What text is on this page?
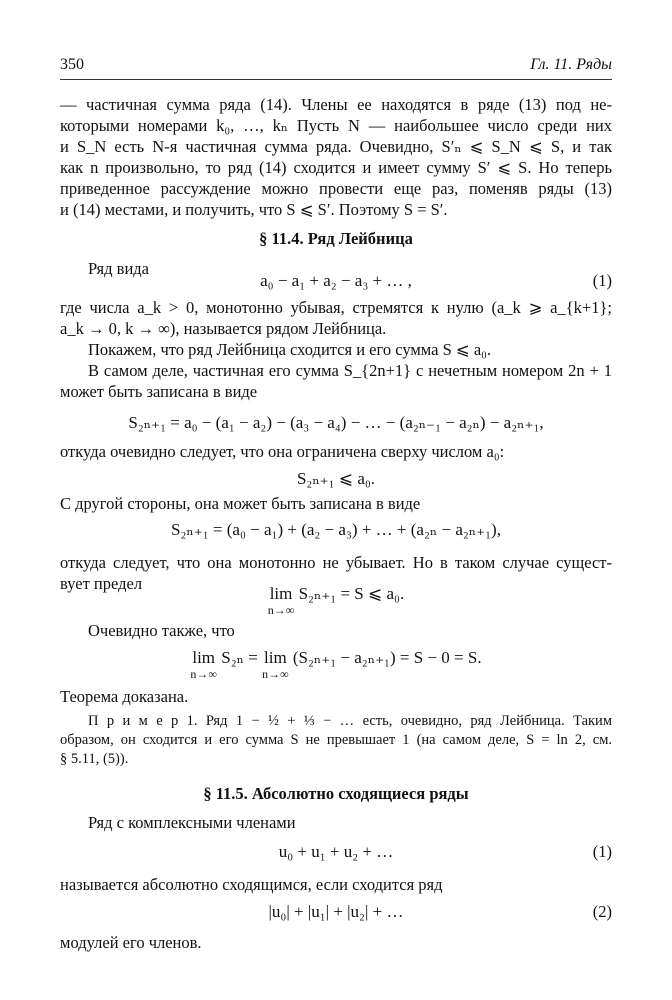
350	Гл. 11. Ряды
— частичная сумма ряда (14). Члены ее находятся в ряде (13) под не-
которыми номерами k₀, …, kₙ Пусть N — наибольшее число среди них
и S_N есть N-я частичная сумма ряда. Очевидно, S′ₙ ⩽ S_N ⩽ S, и так
как n произвольно, то ряд (14) сходится и имеет сумму S′ ⩽ S. Но теперь
приведенное рассуждение можно провести еще раз, поменяв ряды (13)
и (14) местами, и получить, что S ⩽ S′. Поэтому S = S′.
§ 11.4. Ряд Лейбница
Ряд вида
a₀ − a₁ + a₂ − a₃ + … ,	(1)
где числа a_k > 0, монотонно убывая, стремятся к нулю (a_k ⩾ a_{k+1};
a_k → 0, k → ∞), называется рядом Лейбница.
Покажем, что ряд Лейбница сходится и его сумма S ⩽ a₀.
В самом деле, частичная его сумма S_{2n+1} с нечетным номером 2n + 1
может быть записана в виде
S₂ₙ₊₁ = a₀ − (a₁ − a₂) − (a₃ − a₄) − … − (a₂ₙ₋₁ − a₂ₙ) − a₂ₙ₊₁,
откуда очевидно следует, что она ограничена сверху числом a₀:
S₂ₙ₊₁ ⩽ a₀.
С другой стороны, она может быть записана в виде
S₂ₙ₊₁ = (a₀ − a₁) + (a₂ − a₃) + … + (a₂ₙ − a₂ₙ₊₁),
откуда следует, что она монотонно не убывает. Но в таком случае сущест-
вует предел
lim
n→∞
S₂ₙ₊₁ = S ⩽ a₀.
Очевидно также, что
lim
n→∞
S₂ₙ = lim
n→∞
(S₂ₙ₊₁ − a₂ₙ₊₁) = S − 0 = S.
Теорема доказана.
П р и м е р 1. Ряд 1 − ½ + ⅓ − … есть, очевидно, ряд Лейбница. Таким
образом, он сходится и его сумма S не превышает 1 (на самом деле, S = ln 2, см.
§ 5.11, (5)).
§ 11.5. Абсолютно сходящиеся ряды
Ряд с комплексными членами
u₀ + u₁ + u₂ + …	(1)
называется абсолютно сходящимся, если сходится ряд
|u₀| + |u₁| + |u₂| + …	(2)
модулей его членов.
